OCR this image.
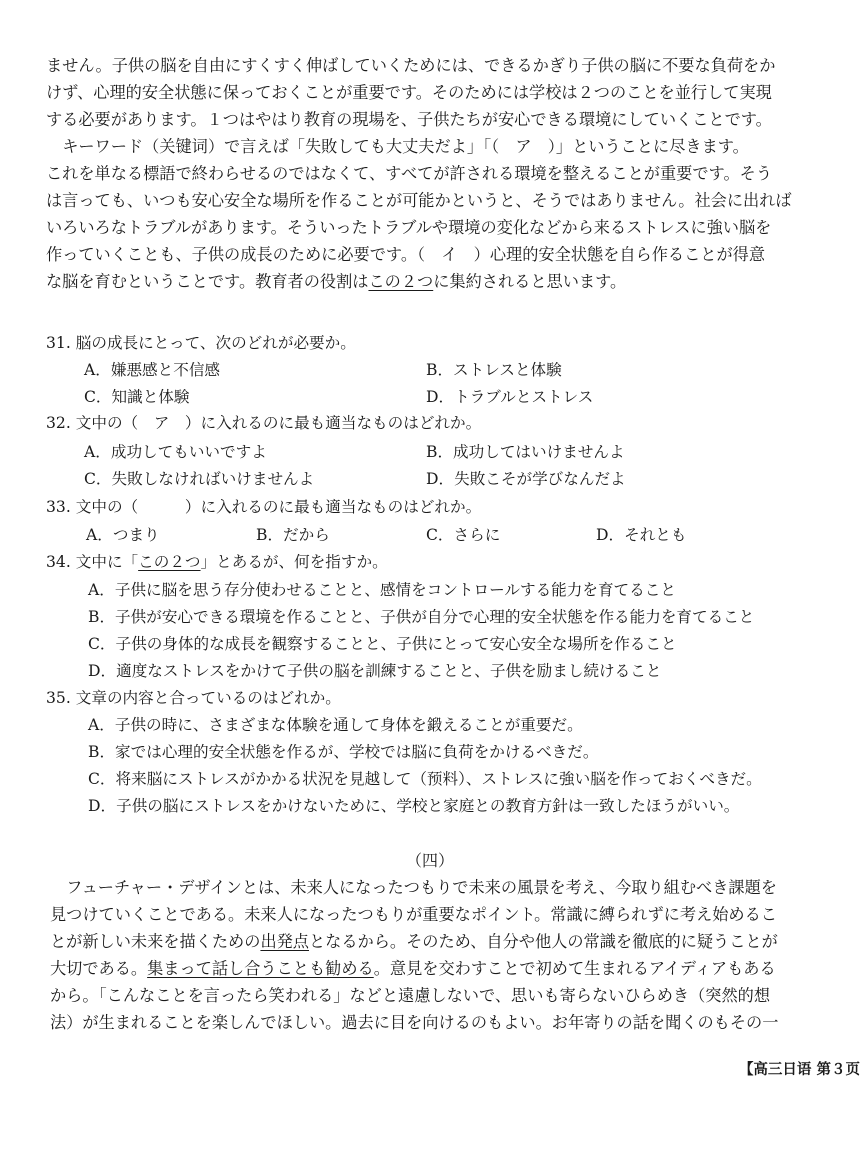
ません。子供の脳を自由にすくすく伸ばしていくためには、できるかぎり子供の脳に不要な負荷をか

けず、心理的安全状態に保っておくことが重要です。そのためには学校は２つのことを並行して実現

する必要があります。１つはやはり教育の現場を、子供たちが安心できる環境にしていくことです。

キーワード（关键词）で言えば「失敗しても大丈夫だよ」「（　ア　）」ということに尽きます。

これを単なる標語で終わらせるのではなくて、すべてが許される環境を整えることが重要です。そう

は言っても、いつも安心安全な場所を作ることが可能かというと、そうではありません。社会に出れば

いろいろなトラブルがあります。そういったトラブルや環境の変化などから来るストレスに強い脳を

作っていくことも、子供の成長のために必要です。（　イ　）心理的安全状態を自ら作ることが得意

な脳を育むということです。教育者の役割はこの２つに集約されると思います。

31. 脳の成長にとって、次のどれが必要か。
A．嫌悪感と不信感	B．ストレスと体験
C．知識と体験	D．トラブルとストレス
32. 文中の（　ア　）に入れるのに最も適当なものはどれか。
A．成功してもいいですよ	B．成功してはいけませんよ
C．失敗しなければいけませんよ	D．失敗こそが学びなんだよ
33. 文中の（　　　）に入れるのに最も適当なものはどれか。
A．つまり	B．だから	C．さらに	D．それとも
34. 文中に「この２つ」とあるが、何を指すか。
A．子供に脳を思う存分使わせることと、感情をコントロールする能力を育てること
B．子供が安心できる環境を作ることと、子供が自分で心理的安全状態を作る能力を育てること
C．子供の身体的な成長を観察することと、子供にとって安心安全な場所を作ること
D．適度なストレスをかけて子供の脳を訓練することと、子供を励まし続けること
35. 文章の内容と合っているのはどれか。
A．子供の時に、さまざまな体験を通して身体を鍛えることが重要だ。
B．家では心理的安全状態を作るが、学校では脳に負荷をかけるべきだ。
C．将来脳にストレスがかかる状況を見越して（预料）、ストレスに強い脳を作っておくべきだ。
D．子供の脳にストレスをかけないために、学校と家庭との教育方針は一致したほうがいい。
（四）

フューチャー・デザインとは、未来人になったつもりで未来の風景を考え、今取り組むべき課題を

見つけていくことである。未来人になったつもりが重要なポイント。常識に縛られずに考え始めるこ

とが新しい未来を描くための出発点となるから。そのため、自分や他人の常識を徹底的に疑うことが

大切である。集まって話し合うことも勧める。意見を交わすことで初めて生まれるアイディアもある

から。「こんなことを言ったら笑われる」などと遠慮しないで、思いも寄らないひらめき（突然的想

法）が生まれることを楽しんでほしい。過去に目を向けるのもよい。お年寄りの話を聞くのもその一

【高三日语 第３页
